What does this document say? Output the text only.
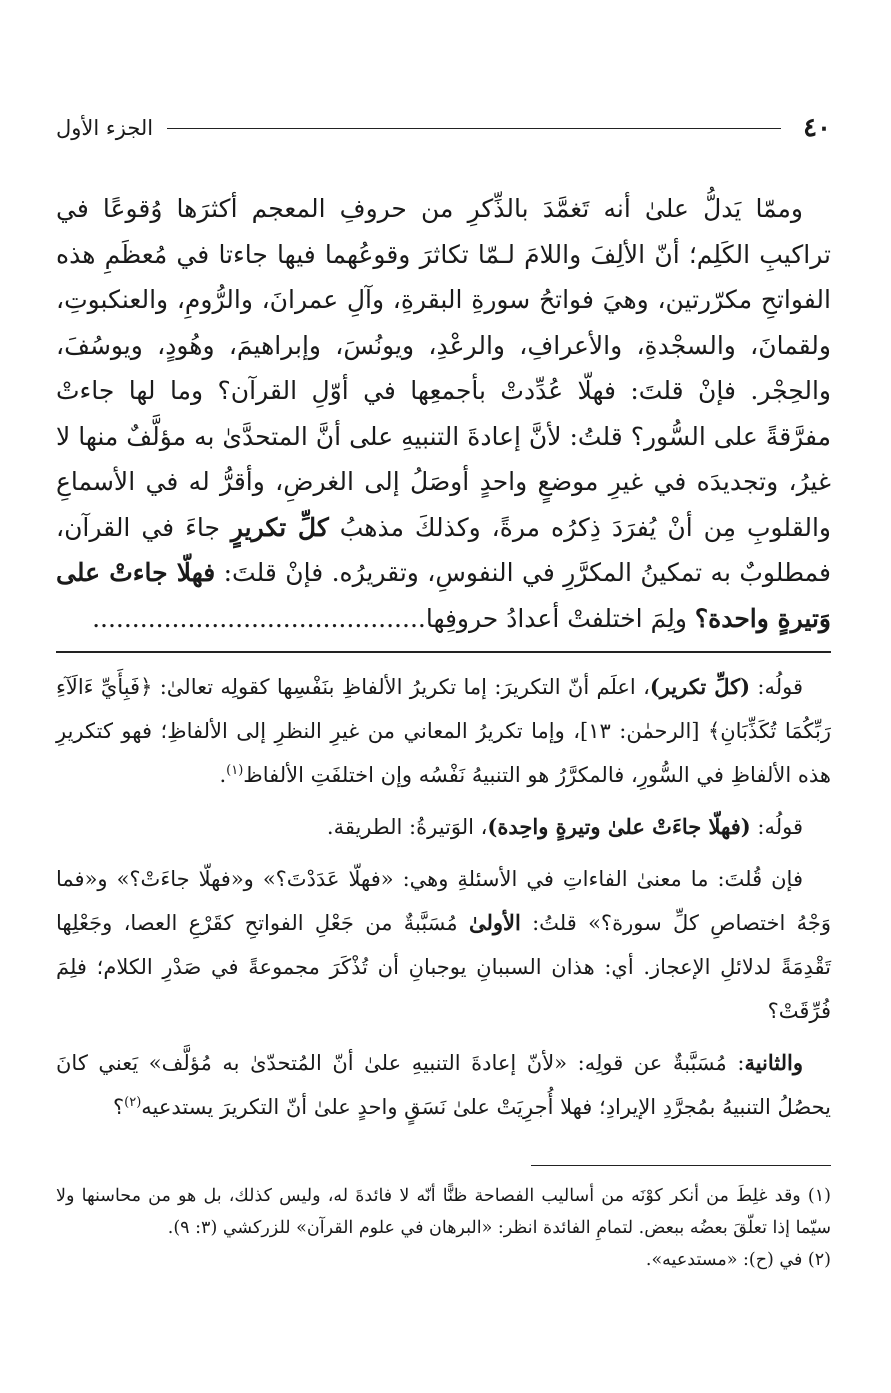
٤٠
الجزء الأول

وممّا يَدلُّ علىٰ أنه تَغمَّدَ بالذِّكرِ من حروفِ المعجم أكثرَها وُقوعًا في تراكيبِ الكَلِم؛ أنّ الألِفَ واللامَ لـمّا تكاثرَ وقوعُهما فيها جاءتا في مُعظَمِ هذه الفواتحِ مكرّرتين، وهيَ فواتحُ سورةِ البقرةِ، وآلِ عمرانَ، والرُّومِ، والعنكبوتِ، ولقمانَ، والسجْدةِ، والأعرافِ، والرعْدِ، ويونُسَ، وإبراهيمَ، وهُودٍ، ويوسُفَ، والحِجْر. فإنْ قلتَ: فهلّا عُدِّدتْ بأجمعِها في أوّلِ القرآن؟ وما لها جاءتْ مفرَّقةً على السُّور؟ قلتُ: لأنَّ إعادةَ التنبيهِ على أنَّ المتحدَّىٰ به مؤلَّفٌ منها لا غيرُ، وتجديدَه في غيرِ موضعٍ واحدٍ أوصَلُ إلى الغرضِ، وأقرُّ له في الأسماعِ والقلوبِ مِن أنْ يُفرَدَ ذِكرُه مرةً، وكذلكَ مذهبُ كلِّ تكريرٍ جاءَ في القرآن، فمطلوبٌ به تمكينُ المكرَّرِ في النفوسِ، وتقريرُه. فإنْ قلتَ: فهلّا جاءتْ على وَتيرةٍ واحدة؟ ولِمَ اختلفتْ أعدادُ حروفِها..........................................

قولُه: (كلِّ تكرير)، اعلَم أنّ التكريرَ: إما تكريرُ الألفاظِ بنَفْسِها كقولِه تعالىٰ: ﴿فَبِأَيِّ ءَالَآءِ رَبِّكُمَا تُكَذِّبَانِ﴾ [الرحمٰن: ١٣]، وإما تكريرُ المعاني من غيرِ النظرِ إلى الألفاظِ؛ فهو كتكريرِ هذه الألفاظِ في السُّورِ، فالمكرَّرُ هو التنبيهُ نَفْسُه وإن اختلفَتِ الألفاظ$^{(١)}$.

قولُه: (فهلّا جاءَتْ علىٰ وتيرةٍ واحِدة)، الوَتيرةُ: الطريقة.

فإن قُلتَ: ما معنىٰ الفاءاتِ في الأسئلةِ وهي: «فهلّا عَدَدْتَ؟» و«فهلّا جاءَتْ؟» و«فما وَجْهُ اختصاصِ كلِّ سورة؟» قلتُ: الأولىٰ مُسَبَّبةٌ من جَعْلِ الفواتحِ كقَرْعِ العصا، وجَعْلِها تَقْدِمَةً لدلائلِ الإعجاز. أي: هذان السببانِ يوجبانِ أن تُذْكَرَ مجموعةً في صَدْرِ الكلام؛ فلِمَ فُرِّقَتْ؟

والثانية: مُسَبَّبةٌ عن قولِه: «لأنّ إعادةَ التنبيهِ علىٰ أنّ المُتحدّىٰ به مُؤلَّف» يَعني كانَ يحصُلُ التنبيهُ بمُجرَّدِ الإيرادِ؛ فهلا أُجرِيَتْ علىٰ نَسَقٍ واحدٍ علىٰ أنّ التكريرَ يستدعيه$^{(٢)}$؟

(١) وقد غلِطَ من أنكر كوْنَه من أساليب الفصاحة ظنًّا أنّه لا فائدةَ له، وليس كذلك، بل هو من محاسنها ولا سيّما إذا تعلّقَ بعضُه ببعض. لتمامِ الفائدة انظر: «البرهان في علوم القرآن» للزركشي (٣: ٩).

(٢) في (ح): «مستدعيه».
